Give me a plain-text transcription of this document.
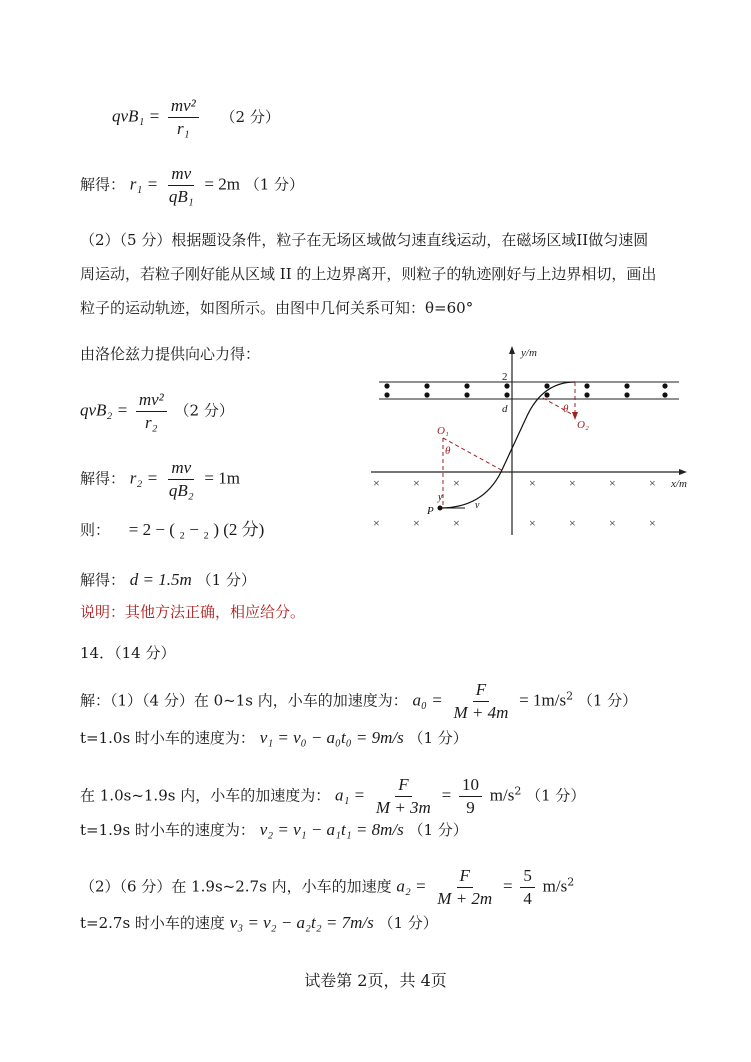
$qvB_1 = \frac{\text{mv²}}{\text{r₁}} (2$ 分）
解得： $r_1 = \frac{mv}{\text{qB₁}} = 2m$ （1 分）
（2）（5 分）根据题设条件，粒子在无场区域做匀速直线运动，在磁场区域II做匀速圆
周运动，若粒子刚好能从区域 II 的上边界离开，则粒子的轨迹刚好与上边界相切，画出
粒子的运动轨迹，如图所示。由图中几何关系可知：θ=60°
由洛伦兹力提供向心力得：
$qvB_2 = \frac{\text{mv²}}{\text{r₂}} (2$ 分）
解得： $r_2 = \frac{mv}{\text{qB₂}} = 1m$
则： = 2 − ( ₂ − ₂ ) (2 分)
解得： d = 1.5m （1 分）
说明：其他方法正确，相应给分。
14．（14 分）
解：（1）（4 分）在 0~1s 内，小车的加速度为： $a_0 = \frac{F}{M + 4m} = 1m/s^2$ （1 分）
t=1.0s 时小车的速度为： v₁ = v₀ − a₀t₀ = 9m/s （1 分）
在 1.0s~1.9s 内，小车的加速度为： $a_1 = \frac{F}{M + 3m} = \frac{10}{9} m/s^2$ （1 分）
t=1.9s 时小车的速度为： v₂ = v₁ − a₁t₁ = 8m/s （1 分）
（2）（6 分）在 1.9s~2.7s 内，小车的加速度 $a_2 = \frac{F}{M + 2m} = \frac{5}{4} m/s^2$
t=2.7s 时小车的速度 v₃ = v₂ − a₂t₂ = 7m/s （1 分）
试卷第 2页，共 4页
y/m
x/m
2
d
×	×	×	×	×	×	×
×	×	×	×	×	×	×
O₁	O₂
θ
θ
P
y
v
